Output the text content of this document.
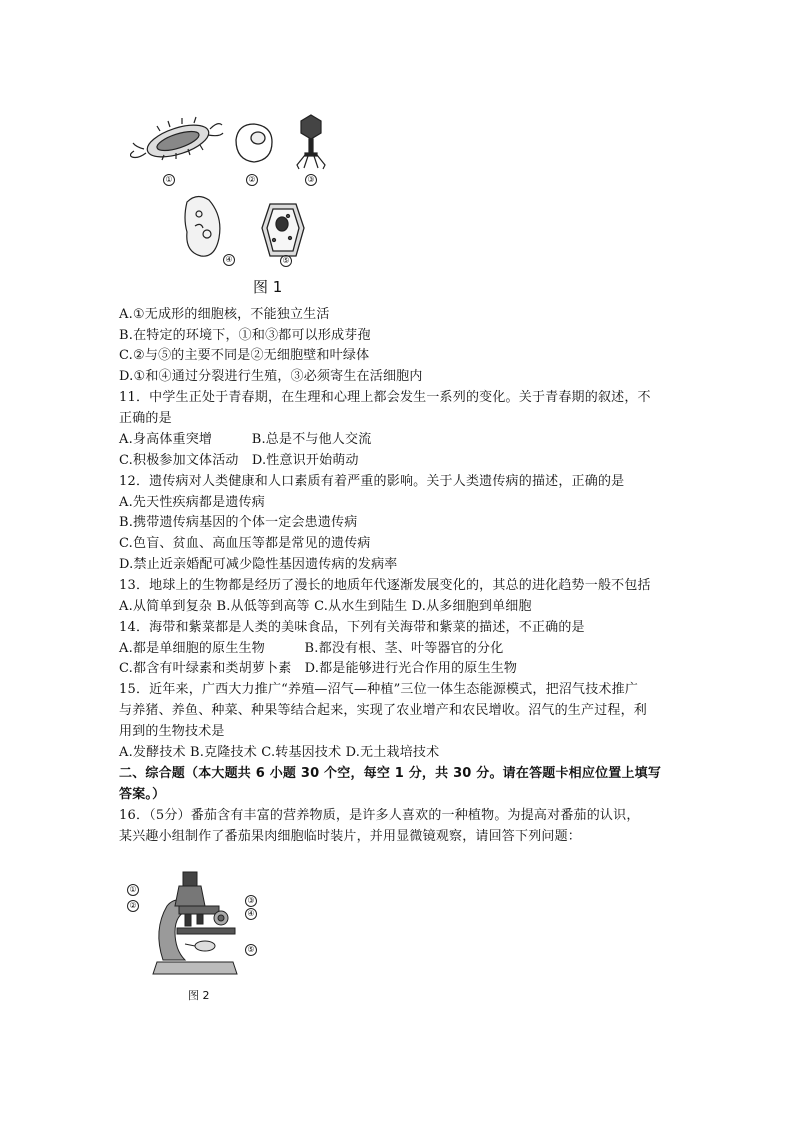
①	②	③
④	⑤
图 1
A.①无成形的细胞核，不能独立生活
B.在特定的环境下，①和③都可以形成芽孢
C.②与⑤的主要不同是②无细胞壁和叶绿体
D.①和④通过分裂进行生殖，③必须寄生在活细胞内
11．中学生正处于青春期，在生理和心理上都会发生一系列的变化。关于青春期的叙述，不
正确的是
A.身高体重突增　　　B.总是不与他人交流
C.积极参加文体活动　D.性意识开始萌动
12．遗传病对人类健康和人口素质有着严重的影响。关于人类遗传病的描述，正确的是
A.先天性疾病都是遗传病
B.携带遗传病基因的个体一定会患遗传病
C.色盲、贫血、高血压等都是常见的遗传病
D.禁止近亲婚配可减少隐性基因遗传病的发病率
13．地球上的生物都是经历了漫长的地质年代逐渐发展变化的，其总的进化趋势一般不包括
A.从简单到复杂 B.从低等到高等 C.从水生到陆生 D.从多细胞到单细胞
14．海带和紫菜都是人类的美味食品，下列有关海带和紫菜的描述，不正确的是
A.都是单细胞的原生生物　　　B.都没有根、茎、叶等器官的分化
C.都含有叶绿素和类胡萝卜素　D.都是能够进行光合作用的原生生物
15．近年来，广西大力推广“养殖—沼气—种植”三位一体生态能源模式，把沼气技术推广
与养猪、养鱼、种菜、种果等结合起来，实现了农业增产和农民增收。沼气的生产过程，利
用到的生物技术是
A.发酵技术 B.克隆技术 C.转基因技术 D.无土栽培技术
二、综合题（本大题共 6 小题 30 个空，每空 1 分，共 30 分。请在答题卡相应位置上填写
答案。）
16．（5分）番茄含有丰富的营养物质，是许多人喜欢的一种植物。为提高对番茄的认识，
某兴趣小组制作了番茄果肉细胞临时装片，并用显微镜观察，请回答下列问题：
①
②
③
④
⑤
图 2
